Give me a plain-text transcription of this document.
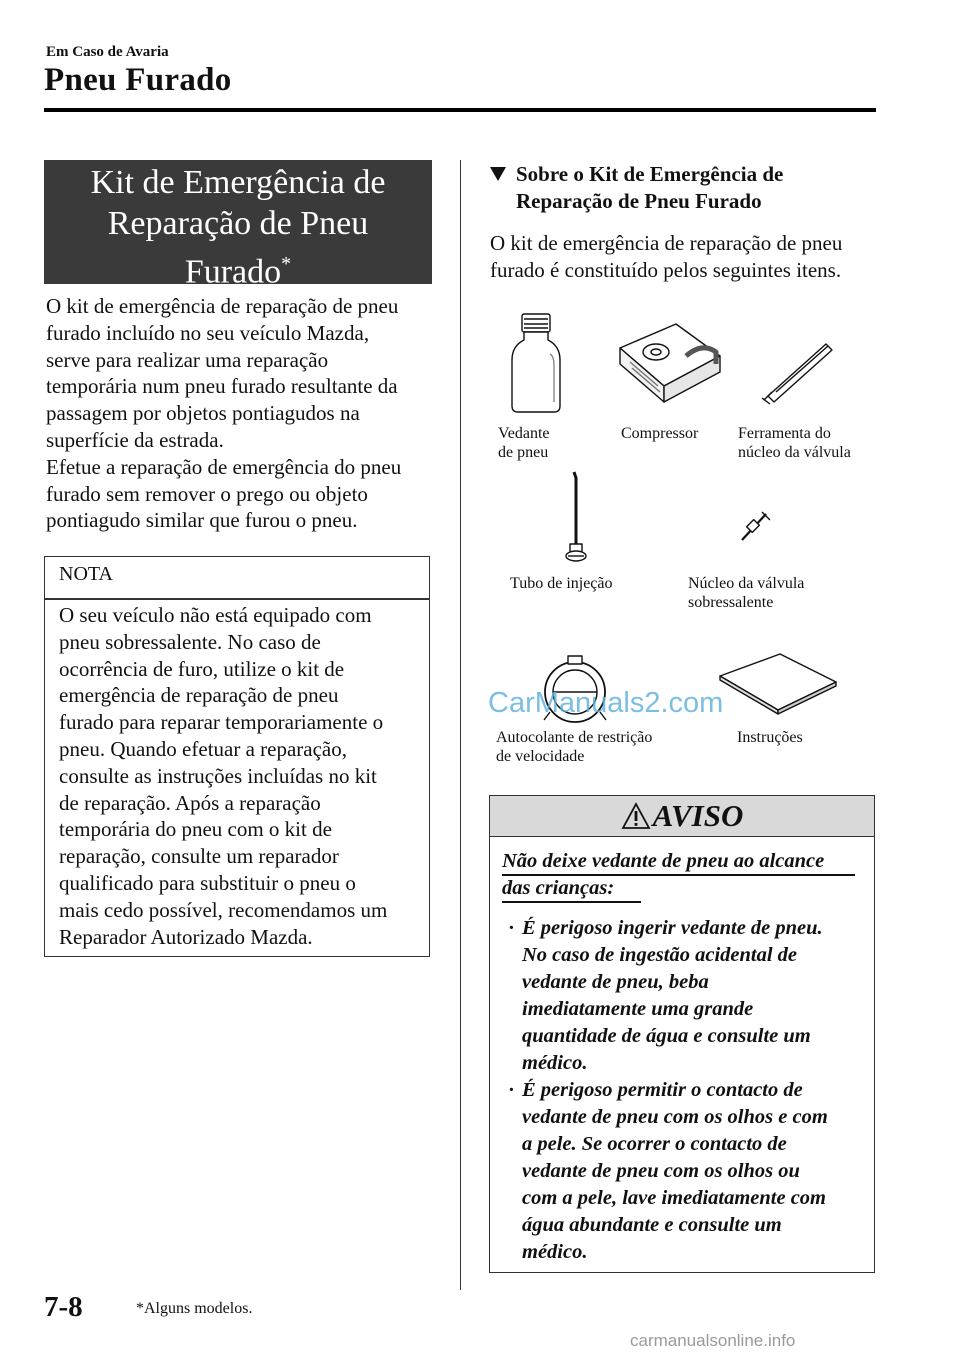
Em Caso de Avaria
Pneu Furado
Kit de Emergência de
Reparação de Pneu
Furado*
O kit de emergência de reparação de pneu
furado incluído no seu veículo Mazda,
serve para realizar uma reparação
temporária num pneu furado resultante da
passagem por objetos pontiagudos na
superfície da estrada.
Efetue a reparação de emergência do pneu
furado sem remover o prego ou objeto
pontiagudo similar que furou o pneu.
NOTA
O seu veículo não está equipado com
pneu sobressalente. No caso de
ocorrência de furo, utilize o kit de
emergência de reparação de pneu
furado para reparar temporariamente o
pneu. Quando efetuar a reparação,
consulte as instruções incluídas no kit
de reparação. Após a reparação
temporária do pneu com o kit de
reparação, consulte um reparador
qualificado para substituir o pneu o
mais cedo possível, recomendamos um
Reparador Autorizado Mazda.
Sobre o Kit de Emergência de
Reparação de Pneu Furado
O kit de emergência de reparação de pneu
furado é constituído pelos seguintes itens.
Vedante
de pneu
Compressor Ferramenta do
núcleo da válvula
Tubo de injeção	Núcleo da válvula
sobressalente
Autocolante de restrição
de velocidade
Instruções
CarManuals2.com
AVISO
Não deixe vedante de pneu ao alcance
das crianças:
· É perigoso ingerir vedante de pneu.
No caso de ingestão acidental de
vedante de pneu, beba
imediatamente uma grande
quantidade de água e consulte um
médico.
· É perigoso permitir o contacto de
vedante de pneu com os olhos e com
a pele. Se ocorrer o contacto de
vedante de pneu com os olhos ou
com a pele, lave imediatamente com
água abundante e consulte um
médico.
7-8	*Alguns modelos.
carmanualsonline.info
